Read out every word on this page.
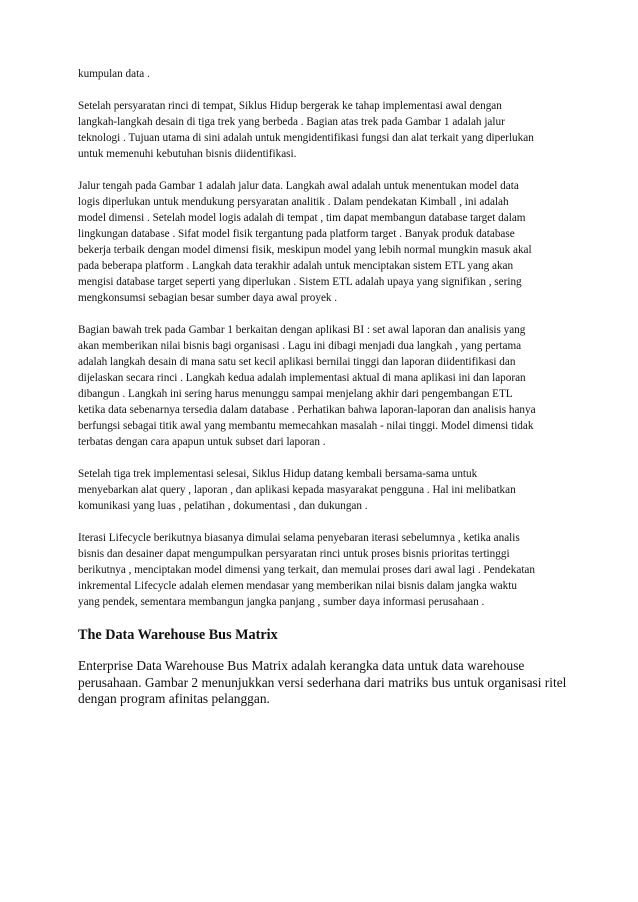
kumpulan data .

Setelah persyaratan rinci di tempat, Siklus Hidup bergerak ke tahap implementasi awal dengan
langkah-langkah desain di tiga trek yang berbeda . Bagian atas trek pada Gambar 1 adalah jalur
teknologi . Tujuan utama di sini adalah untuk mengidentifikasi fungsi dan alat terkait yang diperlukan
untuk memenuhi kebutuhan bisnis diidentifikasi.

Jalur tengah pada Gambar 1 adalah jalur data. Langkah awal adalah untuk menentukan model data
logis diperlukan untuk mendukung persyaratan analitik . Dalam pendekatan Kimball , ini adalah
model dimensi . Setelah model logis adalah di tempat , tim dapat membangun database target dalam
lingkungan database . Sifat model fisik tergantung pada platform target . Banyak produk database
bekerja terbaik dengan model dimensi fisik, meskipun model yang lebih normal mungkin masuk akal
pada beberapa platform . Langkah data terakhir adalah untuk menciptakan sistem ETL yang akan
mengisi database target seperti yang diperlukan . Sistem ETL adalah upaya yang signifikan , sering
mengkonsumsi sebagian besar sumber daya awal proyek .

Bagian bawah trek pada Gambar 1 berkaitan dengan aplikasi BI : set awal laporan dan analisis yang
akan memberikan nilai bisnis bagi organisasi . Lagu ini dibagi menjadi dua langkah , yang pertama
adalah langkah desain di mana satu set kecil aplikasi bernilai tinggi dan laporan diidentifikasi dan
dijelaskan secara rinci . Langkah kedua adalah implementasi aktual di mana aplikasi ini dan laporan
dibangun . Langkah ini sering harus menunggu sampai menjelang akhir dari pengembangan ETL
ketika data sebenarnya tersedia dalam database . Perhatikan bahwa laporan-laporan dan analisis hanya
berfungsi sebagai titik awal yang membantu memecahkan masalah - nilai tinggi. Model dimensi tidak
terbatas dengan cara apapun untuk subset dari laporan .

Setelah tiga trek implementasi selesai, Siklus Hidup datang kembali bersama-sama untuk
menyebarkan alat query , laporan , dan aplikasi kepada masyarakat pengguna . Hal ini melibatkan
komunikasi yang luas , pelatihan , dokumentasi , dan dukungan .

Iterasi Lifecycle berikutnya biasanya dimulai selama penyebaran iterasi sebelumnya , ketika analis
bisnis dan desainer dapat mengumpulkan persyaratan rinci untuk proses bisnis prioritas tertinggi
berikutnya , menciptakan model dimensi yang terkait, dan memulai proses dari awal lagi . Pendekatan
inkremental Lifecycle adalah elemen mendasar yang memberikan nilai bisnis dalam jangka waktu
yang pendek, sementara membangun jangka panjang , sumber daya informasi perusahaan .

The Data Warehouse Bus Matrix

Enterprise Data Warehouse Bus Matrix adalah kerangka data untuk data warehouse
perusahaan. Gambar 2 menunjukkan versi sederhana dari matriks bus untuk organisasi ritel
dengan program afinitas pelanggan.
